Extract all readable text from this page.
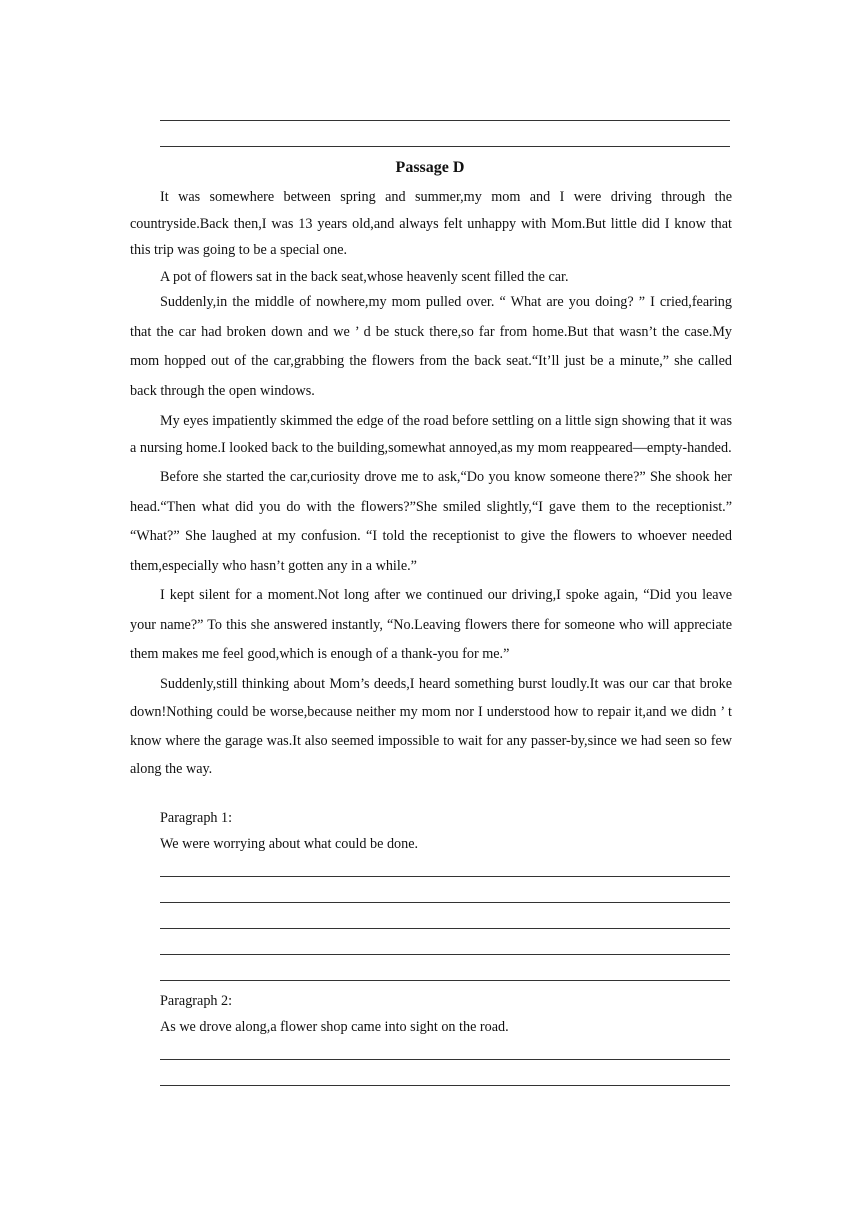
Passage D

It was somewhere between spring and summer,my mom and I were driving through the countryside.Back then,I was 13 years old,and always felt unhappy with Mom.But little did I know that this trip was going to be a special one.

A pot of flowers sat in the back seat,whose heavenly scent filled the car.

Suddenly,in the middle of nowhere,my mom pulled over. “ What are you doing? ” I cried,fearing that the car had broken down and we ’ d be stuck there,so far from home.But that wasn’t the case.My mom hopped out of the car,grabbing the flowers from the back seat.“It’ll just be a minute,” she called back through the open windows.

My eyes impatiently skimmed the edge of the road before settling on a little sign showing that it was a nursing home.I looked back to the building,somewhat annoyed,as my mom reappeared—empty-handed.

Before she started the car,curiosity drove me to ask,“Do you know someone there?” She shook her head.“Then what did you do with the flowers?”She smiled slightly,“I gave them to the receptionist.” “What?” She laughed at my confusion. “I told the receptionist to give the flowers to whoever needed them,especially who hasn’t gotten any in a while.”

I kept silent for a moment.Not long after we continued our driving,I spoke again, “Did you leave your name?” To this she answered instantly, “No.Leaving flowers there for someone who will appreciate them makes me feel good,which is enough of a thank-you for me.”

Suddenly,still thinking about Mom’s deeds,I heard something burst loudly.It was our car that broke down!Nothing could be worse,because neither my mom nor I understood how to repair it,and we didn ’ t know where the garage was.It also seemed impossible to wait for any passer-by,since we had seen so few along the way.

Paragraph 1:
We were worrying about what could be done.
Paragraph 2:
As we drove along,a flower shop came into sight on the road.
